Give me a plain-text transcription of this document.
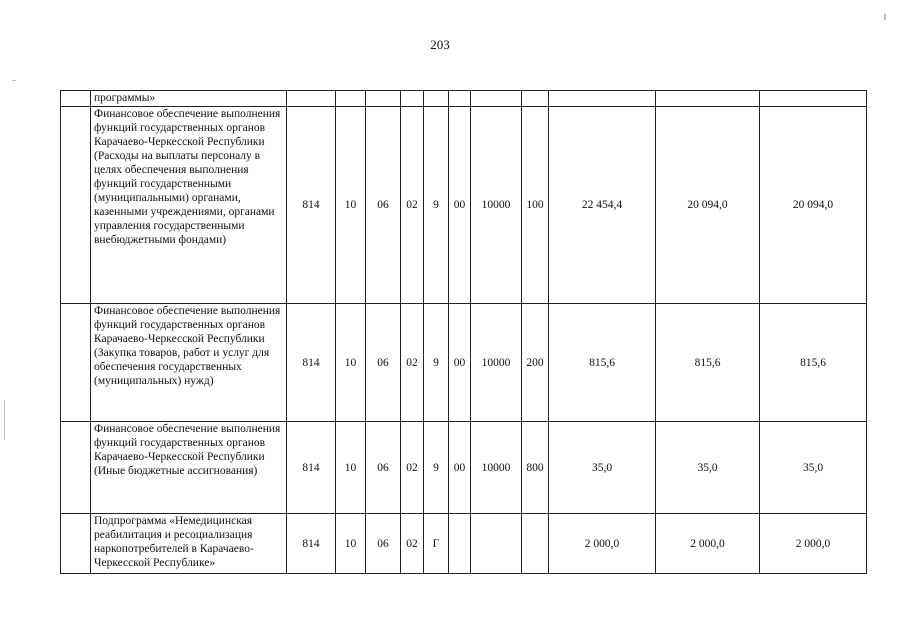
203
	программы»											
	Финансовое обеспечение выполнения функций государственных органов Карачаево-Черкесской Республики (Расходы на выплаты персоналу в целях обеспечения выполнения функций государственными (муниципальными) органами, казенными учреждениями, органами управления государственными внебюджетными фондами)	814	10	06	02	9	00	10000	100	22 454,4	20 094,0	20 094,0
	Финансовое обеспечение выполнения функций государственных органов Карачаево-Черкесской Республики (Закупка товаров, работ и услуг для обеспечения государственных (муниципальных) нужд)	814	10	06	02	9	00	10000	200	815,6	815,6	815,6
	Финансовое обеспечение выполнения функций государственных органов Карачаево-Черкесской Республики (Иные бюджетные ассигнования)	814	10	06	02	9	00	10000	800	35,0	35,0	35,0
	Подпрограмма «Немедицинская реабилитация и ресоциализация наркопотребителей в Карачаево-Черкесской Республике»	814	10	06	02	Г				2 000,0	2 000,0	2 000,0
